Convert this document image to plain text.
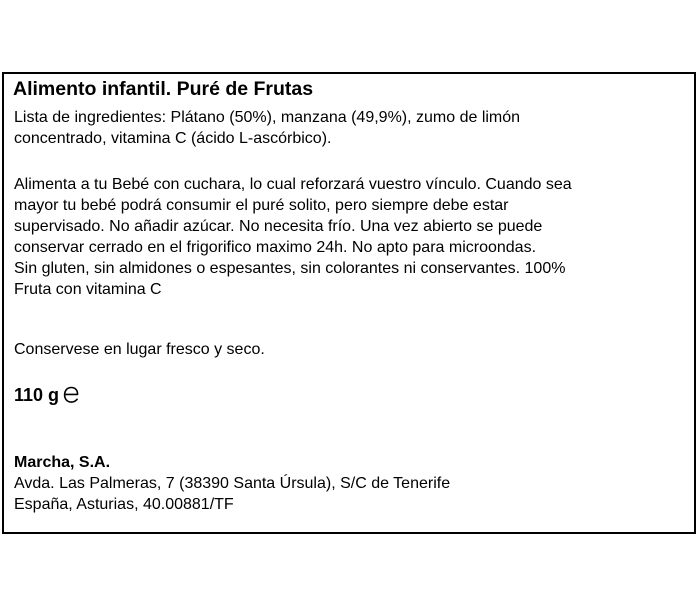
Alimento infantil. Puré de Frutas

Lista de ingredientes: Plátano (50%), manzana (49,9%), zumo de limón
concentrado, vitamina C (ácido L-ascórbico).

Alimenta a tu Bebé con cuchara, lo cual reforzará vuestro vínculo. Cuando sea
mayor tu bebé podrá consumir el puré solito, pero siempre debe estar
supervisado. No añadir azúcar. No necesita frío. Una vez abierto se puede
conservar cerrado en el frigorifico maximo 24h. No apto para microondas.
Sin gluten, sin almidones o espesantes, sin colorantes ni conservantes. 100%
Fruta con vitamina C

Conservese en lugar fresco y seco.

110 g

Marcha, S.A.

Avda. Las Palmeras, 7 (38390 Santa Úrsula), S/C de Tenerife
España, Asturias, 40.00881/TF
